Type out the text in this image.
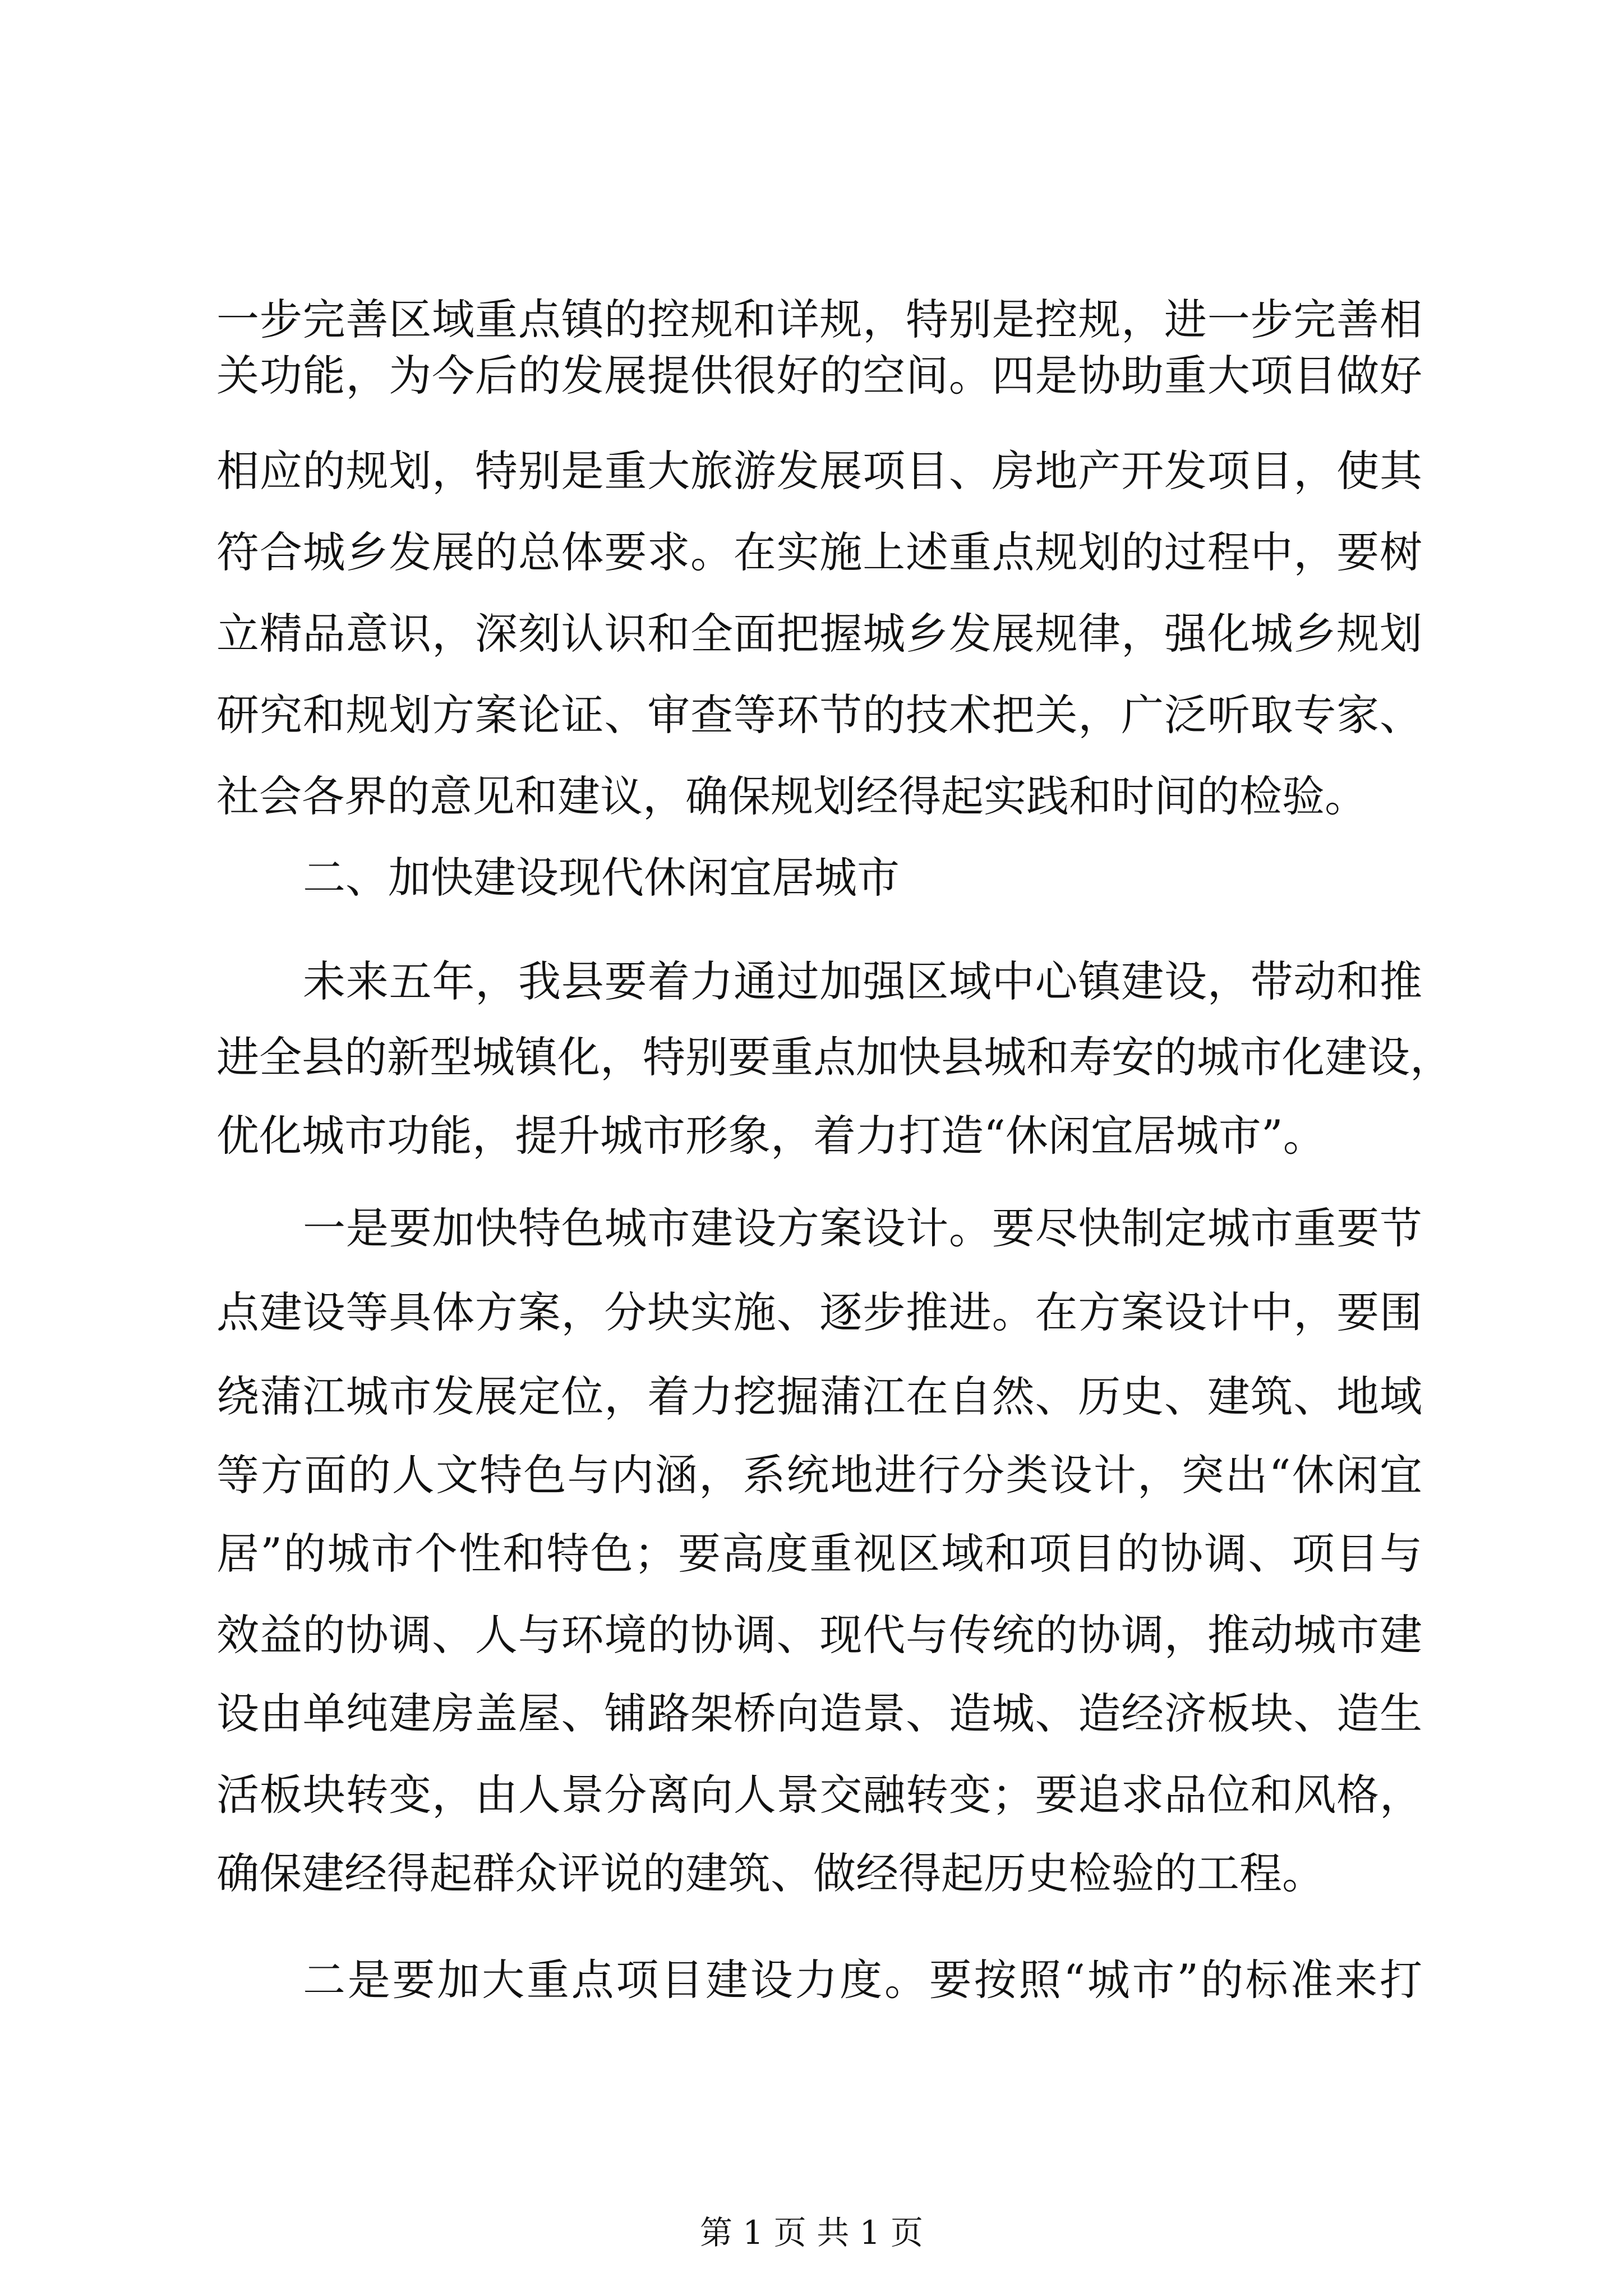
一步完善区域重点镇的控规和详规，特别是控规，进一步完善相
关功能，为今后的发展提供很好的空间。四是协助重大项目做好
相应的规划，特别是重大旅游发展项目、房地产开发项目，使其
符合城乡发展的总体要求。在实施上述重点规划的过程中，要树
立精品意识，深刻认识和全面把握城乡发展规律，强化城乡规划
研究和规划方案论证、审查等环节的技术把关，广泛听取专家、
社会各界的意见和建议，确保规划经得起实践和时间的检验。
二、加快建设现代休闲宜居城市
未来五年，我县要着力通过加强区域中心镇建设，带动和推
进全县的新型城镇化，特别要重点加快县城和寿安的城市化建设，
优化城市功能，提升城市形象，着力打造“休闲宜居城市”。
一是要加快特色城市建设方案设计。要尽快制定城市重要节
点建设等具体方案，分块实施、逐步推进。在方案设计中，要围
绕蒲江城市发展定位，着力挖掘蒲江在自然、历史、建筑、地域
等方面的人文特色与内涵，系统地进行分类设计，突出“休闲宜
居”的城市个性和特色；要高度重视区域和项目的协调、项目与
效益的协调、人与环境的协调、现代与传统的协调，推动城市建
设由单纯建房盖屋、铺路架桥向造景、造城、造经济板块、造生
活板块转变，由人景分离向人景交融转变；要追求品位和风格，
确保建经得起群众评说的建筑、做经得起历史检验的工程。
二是要加大重点项目建设力度。要按照“城市”的标准来打
第 1 页 共 1 页
